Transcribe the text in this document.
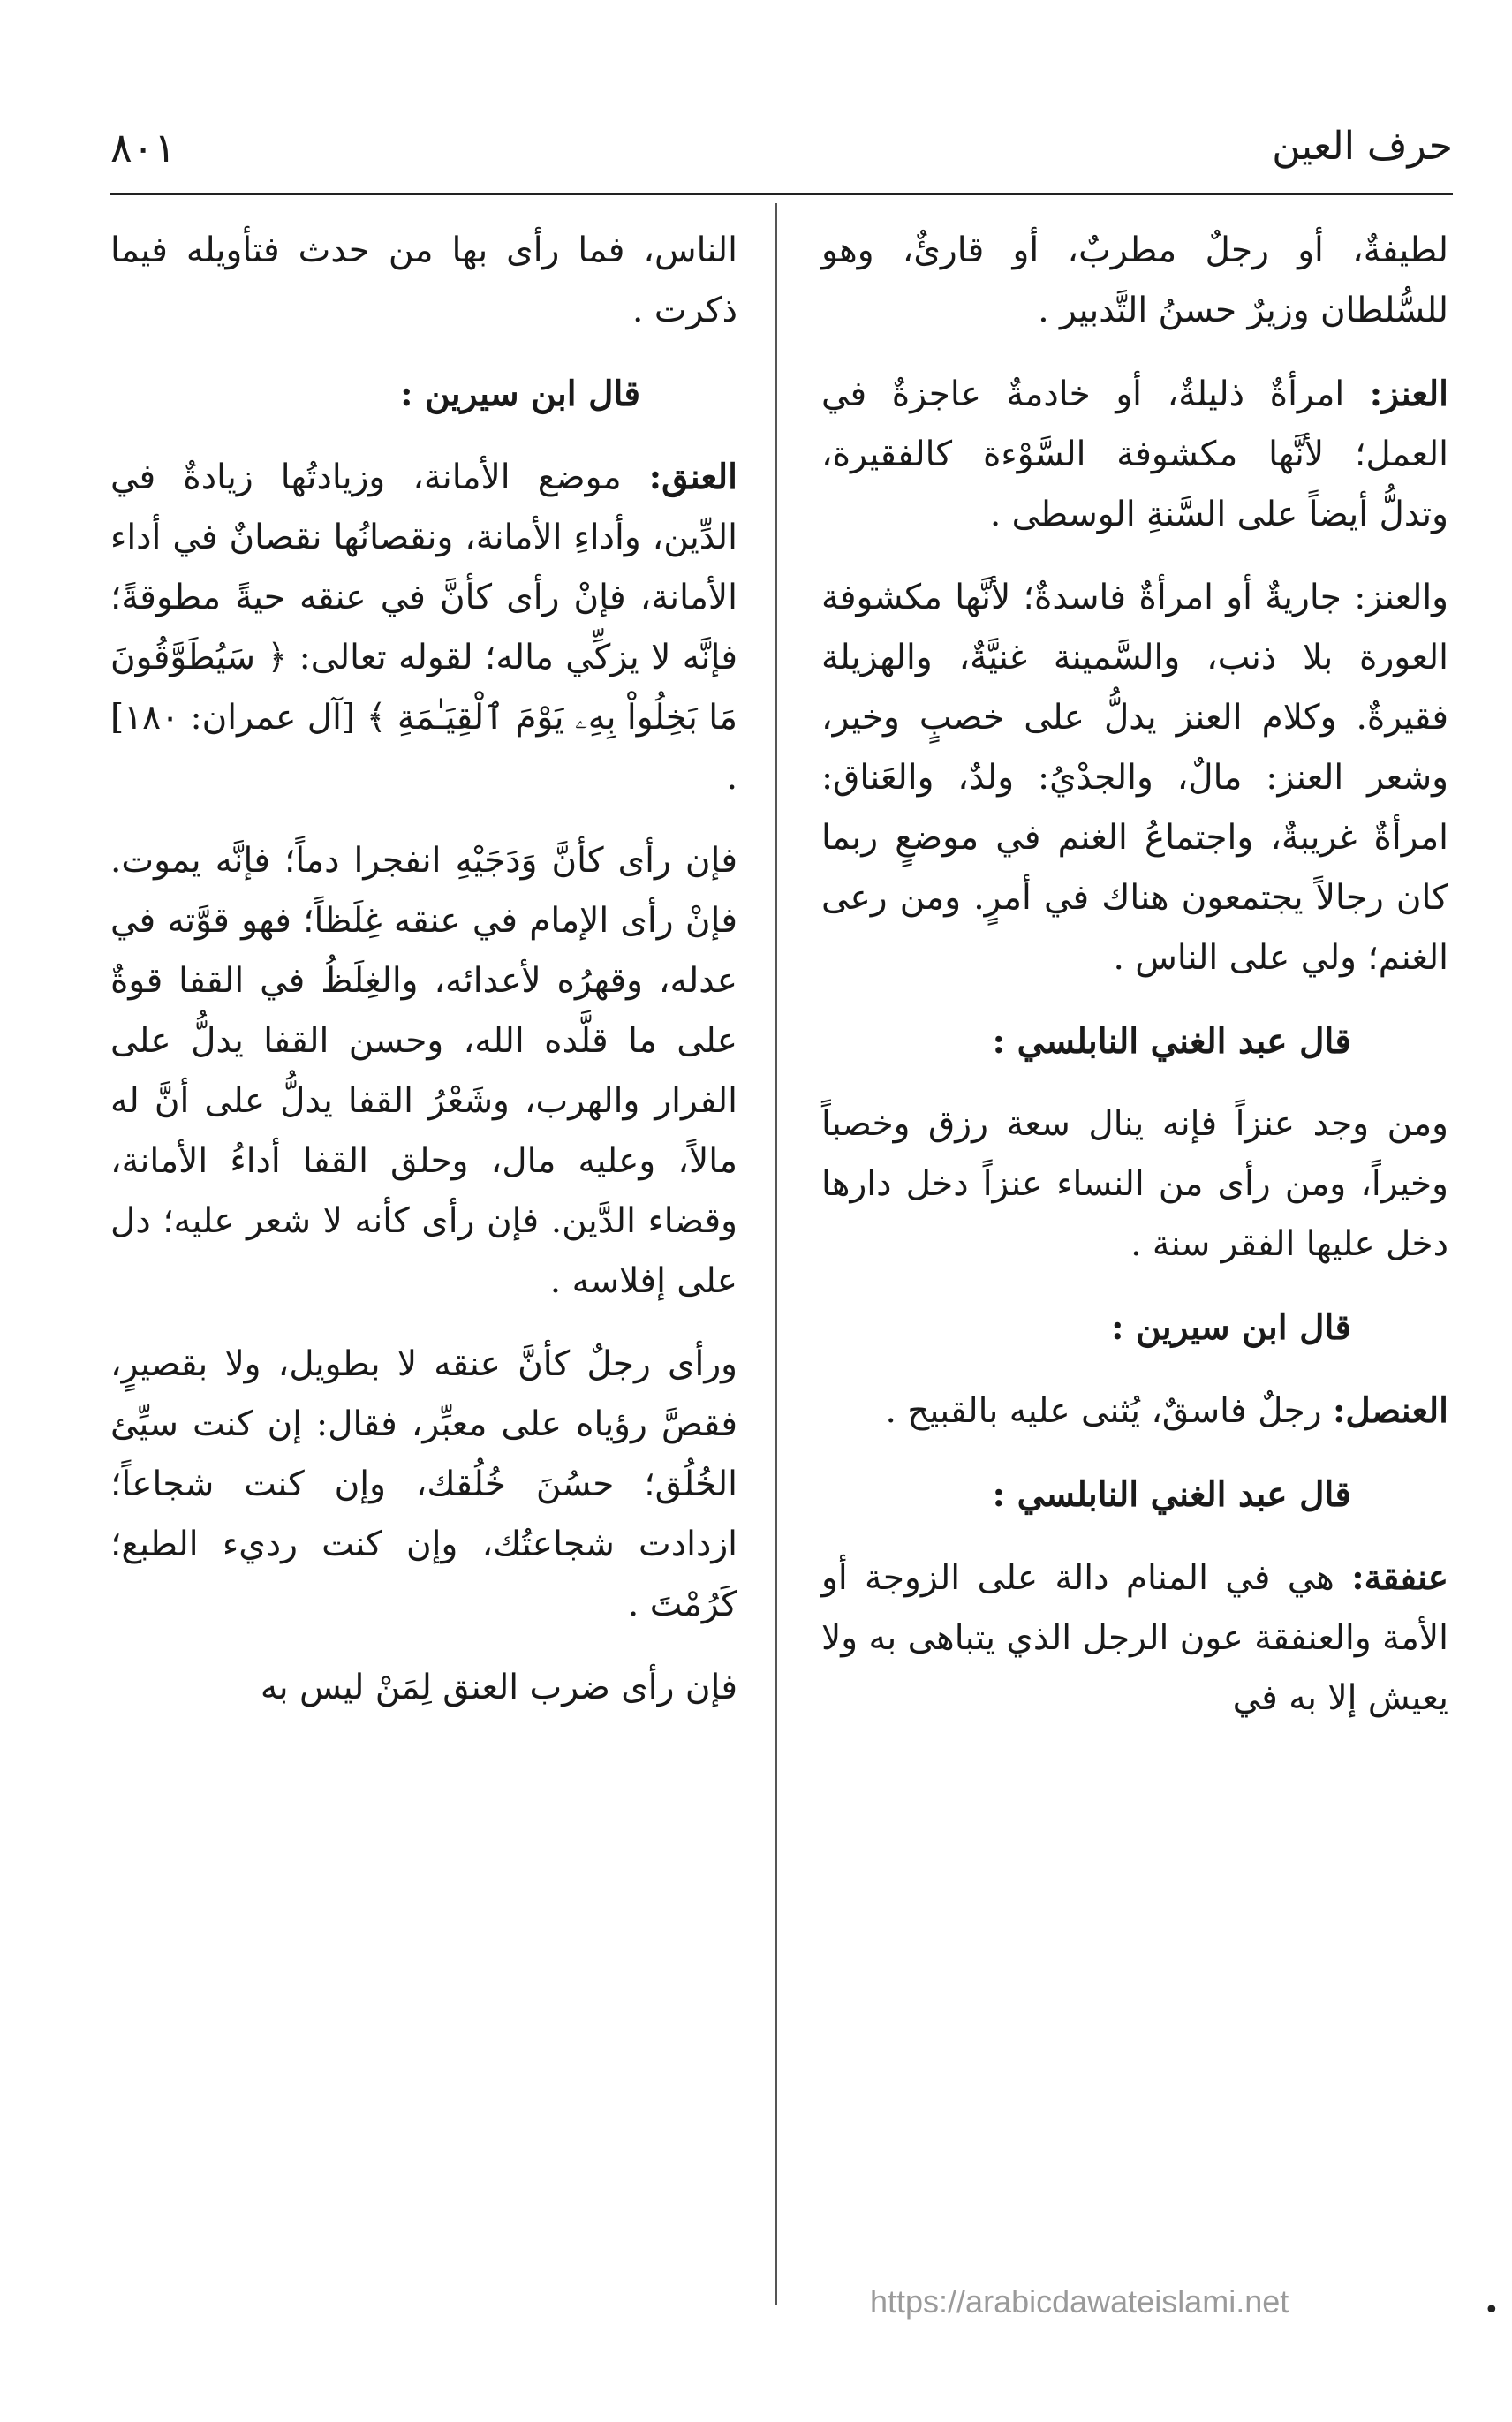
حرف العين
٨٠١

لطيفةٌ، أو رجلٌ مطربٌ، أو قارئٌ، وهو للسُّلطان وزيرٌ حسنُ التَّدبير .

العنز: امرأةٌ ذليلةٌ، أو خادمةٌ عاجزةٌ في العمل؛ لأنَّها مكشوفة السَّوْءة كالفقيرة، وتدلُّ أيضاً على السَّنةِ الوسطى .

والعنز: جاريةٌ أو امرأةٌ فاسدةٌ؛ لأنَّها مكشوفة العورة بلا ذنب، والسَّمينة غنيَّةٌ، والهزيلة فقيرةٌ. وكلام العنز يدلُّ على خصبٍ وخير، وشعر العنز: مالٌ، والجدْيُ: ولدٌ، والعَناق: امرأةٌ غريبةٌ، واجتماعُ الغنم في موضعٍ ربما كان رجالاً يجتمعون هناك في أمرٍ. ومن رعى الغنم؛ ولي على الناس .

قال عبد الغني النابلسي :

ومن وجد عنزاً فإنه ينال سعة رزق وخصباً وخيراً، ومن رأى من النساء عنزاً دخل دارها دخل عليها الفقر سنة .

قال ابن سيرين :

العنصل: رجلٌ فاسقٌ، يُثنى عليه بالقبيح .

قال عبد الغني النابلسي :

عنفقة: هي في المنام دالة على الزوجة أو الأمة والعنفقة عون الرجل الذي يتباهى به ولا يعيش إلا به في

الناس، فما رأى بها من حدث فتأويله فيما ذكرت .

قال ابن سيرين :

العنق: موضع الأمانة، وزيادتُها زيادةٌ في الدِّين، وأداءِ الأمانة، ونقصانُها نقصانٌ في أداء الأمانة، فإنْ رأى كأنَّ في عنقه حيةً مطوقةً؛ فإنَّه لا يزكِّي ماله؛ لقوله تعالى: ﴿ سَيُطَوَّقُونَ مَا بَخِلُواْ بِهِۦ يَوْمَ ٱلْقِيَـٰمَةِ ﴾ [آل عمران: ١٨٠] .

فإن رأى كأنَّ وَدَجَيْهِ انفجرا دماً؛ فإنَّه يموت. فإنْ رأى الإمام في عنقه غِلَظاً؛ فهو قوَّته في عدله، وقهرُه لأعدائه، والغِلَظُ في القفا قوةٌ على ما قلَّده الله، وحسن القفا يدلُّ على الفرار والهرب، وشَعْرُ القفا يدلُّ على أنَّ له مالاً، وعليه مال، وحلق القفا أداءُ الأمانة، وقضاء الدَّين. فإن رأى كأنه لا شعر عليه؛ دل على إفلاسه .

ورأى رجلٌ كأنَّ عنقه لا بطويل، ولا بقصيرٍ، فقصَّ رؤياه على معبِّر، فقال: إن كنت سيِّئ الخُلُق؛ حسُنَ خُلُقك، وإن كنت شجاعاً؛ ازدادت شجاعتُك، وإن كنت رديء الطبع؛ كَرُمْتَ .

فإن رأى ضرب العنق لِمَنْ ليس به

https://arabicdawateislami.net	•
